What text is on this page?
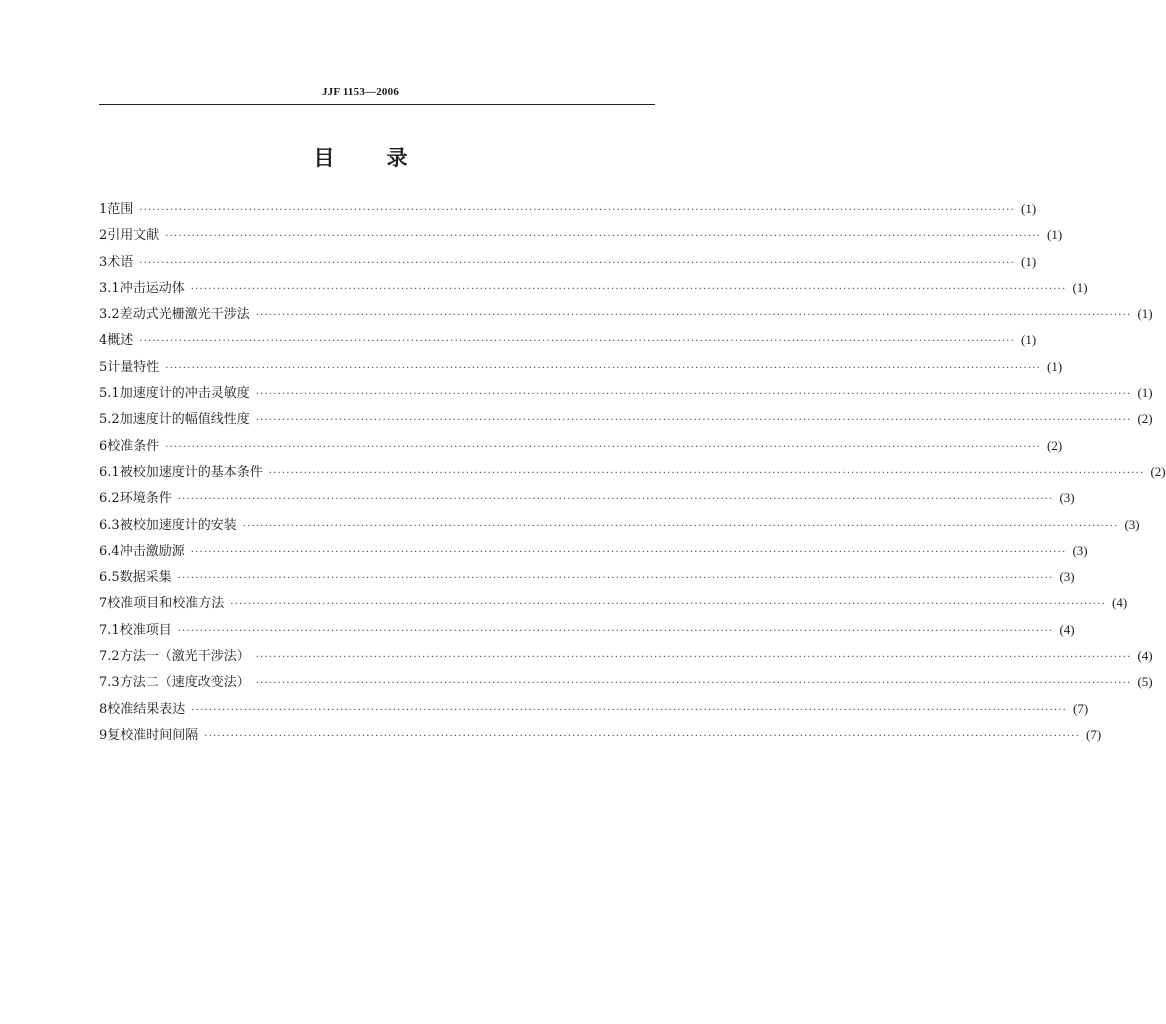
JJF 1153—2006
目 录
1 范围 ········································································································································································································ (1)
2 引用文献 ········································································································································································································ (1)
3 术语 ········································································································································································································ (1)
3.1 冲击运动体 ········································································································································································································ (1)
3.2 差动式光栅激光干涉法 ········································································································································································································ (1)
4 概述 ········································································································································································································ (1)
5 计量特性 ········································································································································································································ (1)
5.1 加速度计的冲击灵敏度 ········································································································································································································ (1)
5.2 加速度计的幅值线性度 ········································································································································································································ (2)
6 校准条件 ········································································································································································································ (2)
6.1 被校加速度计的基本条件 ········································································································································································································ (2)
6.2 环境条件 ········································································································································································································ (3)
6.3 被校加速度计的安装 ········································································································································································································ (3)
6.4 冲击激励源 ········································································································································································································ (3)
6.5 数据采集 ········································································································································································································ (3)
7 校准项目和校准方法 ········································································································································································································ (4)
7.1 校准项目 ········································································································································································································ (4)
7.2 方法一（激光干涉法） ········································································································································································································ (4)
7.3 方法二（速度改变法） ········································································································································································································ (5)
8 校准结果表达 ········································································································································································································ (7)
9 复校准时间间隔 ········································································································································································································ (7)
